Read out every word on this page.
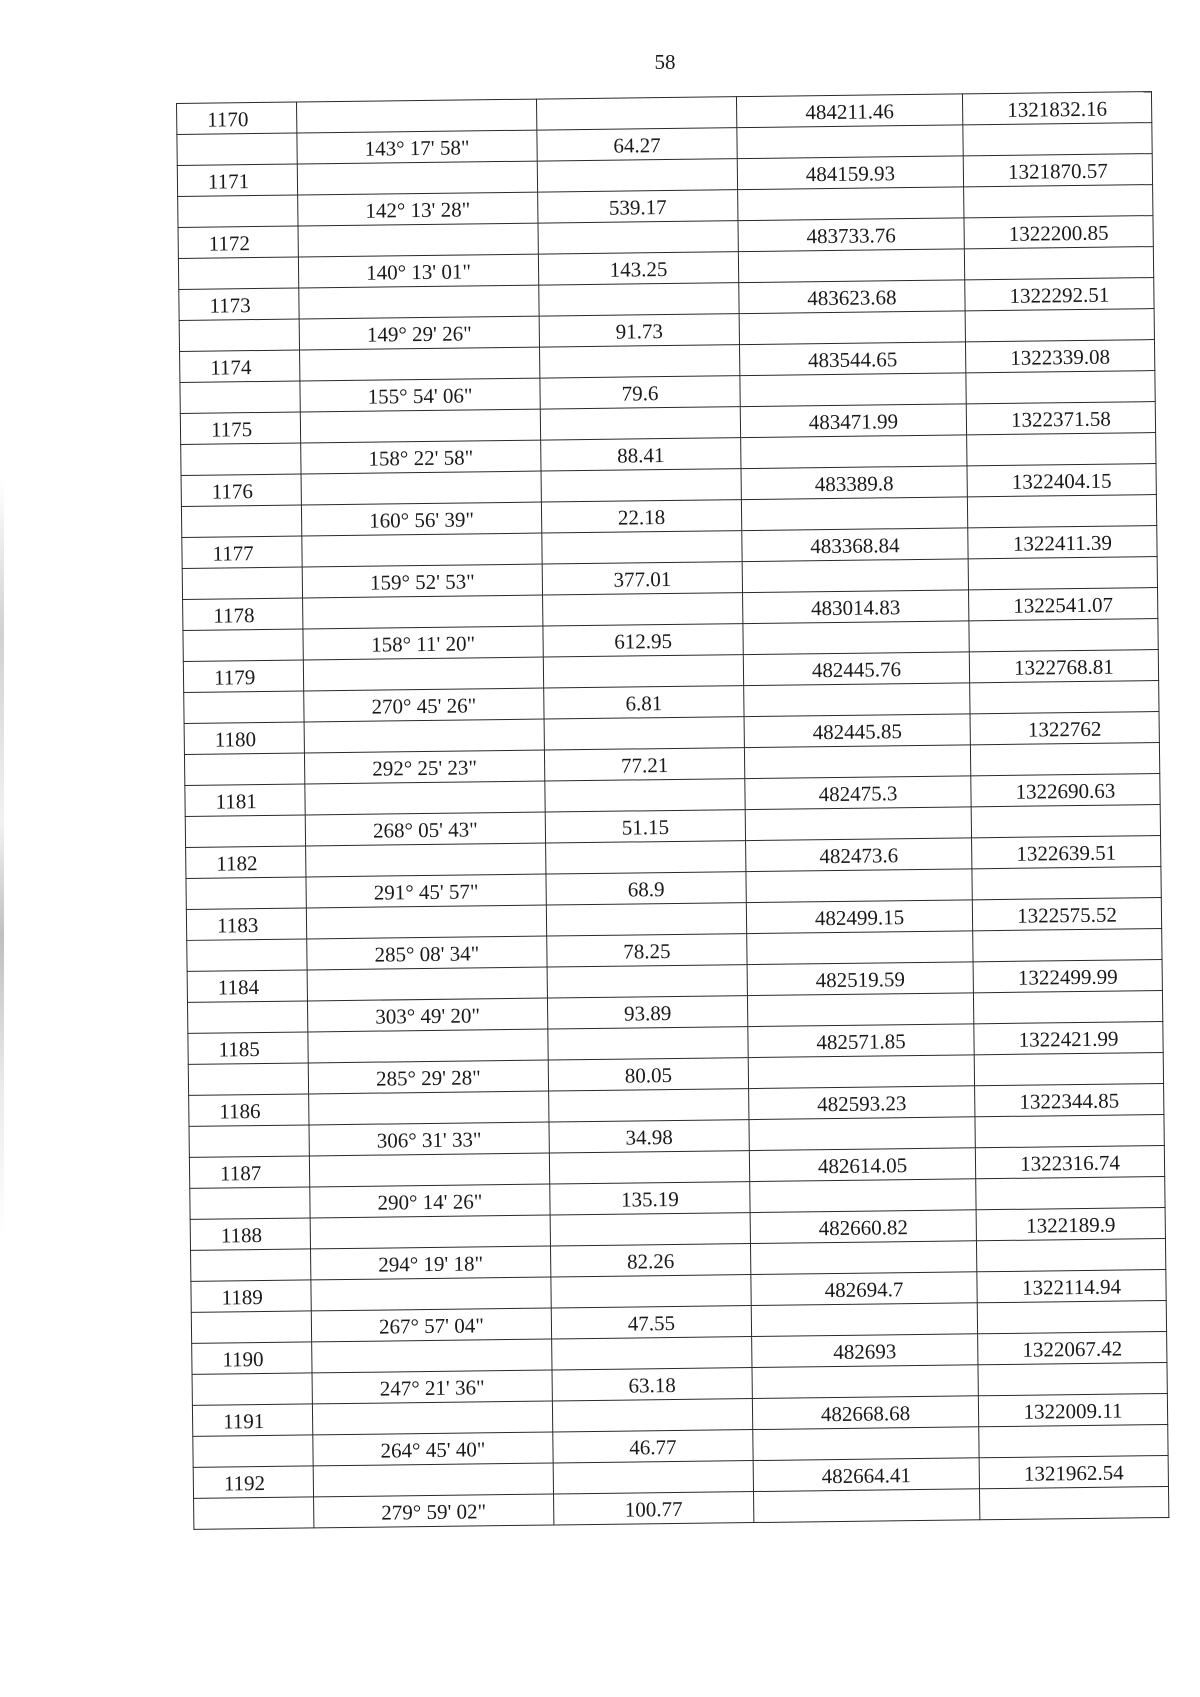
58
1170			484211.46	1321832.16
	143° 17' 58"	64.27		
1171			484159.93	1321870.57
	142° 13' 28"	539.17		
1172			483733.76	1322200.85
	140° 13' 01"	143.25		
1173			483623.68	1322292.51
	149° 29' 26"	91.73		
1174			483544.65	1322339.08
	155° 54' 06"	79.6		
1175			483471.99	1322371.58
	158° 22' 58"	88.41		
1176			483389.8	1322404.15
	160° 56' 39"	22.18		
1177			483368.84	1322411.39
	159° 52' 53"	377.01		
1178			483014.83	1322541.07
	158° 11' 20"	612.95		
1179			482445.76	1322768.81
	270° 45' 26"	6.81		
1180			482445.85	1322762
	292° 25' 23"	77.21		
1181			482475.3	1322690.63
	268° 05' 43"	51.15		
1182			482473.6	1322639.51
	291° 45' 57"	68.9		
1183			482499.15	1322575.52
	285° 08' 34"	78.25		
1184			482519.59	1322499.99
	303° 49' 20"	93.89		
1185			482571.85	1322421.99
	285° 29' 28"	80.05		
1186			482593.23	1322344.85
	306° 31' 33"	34.98		
1187			482614.05	1322316.74
	290° 14' 26"	135.19		
1188			482660.82	1322189.9
	294° 19' 18"	82.26		
1189			482694.7	1322114.94
	267° 57' 04"	47.55		
1190			482693	1322067.42
	247° 21' 36"	63.18		
1191			482668.68	1322009.11
	264° 45' 40"	46.77		
1192			482664.41	1321962.54
	279° 59' 02"	100.77		
